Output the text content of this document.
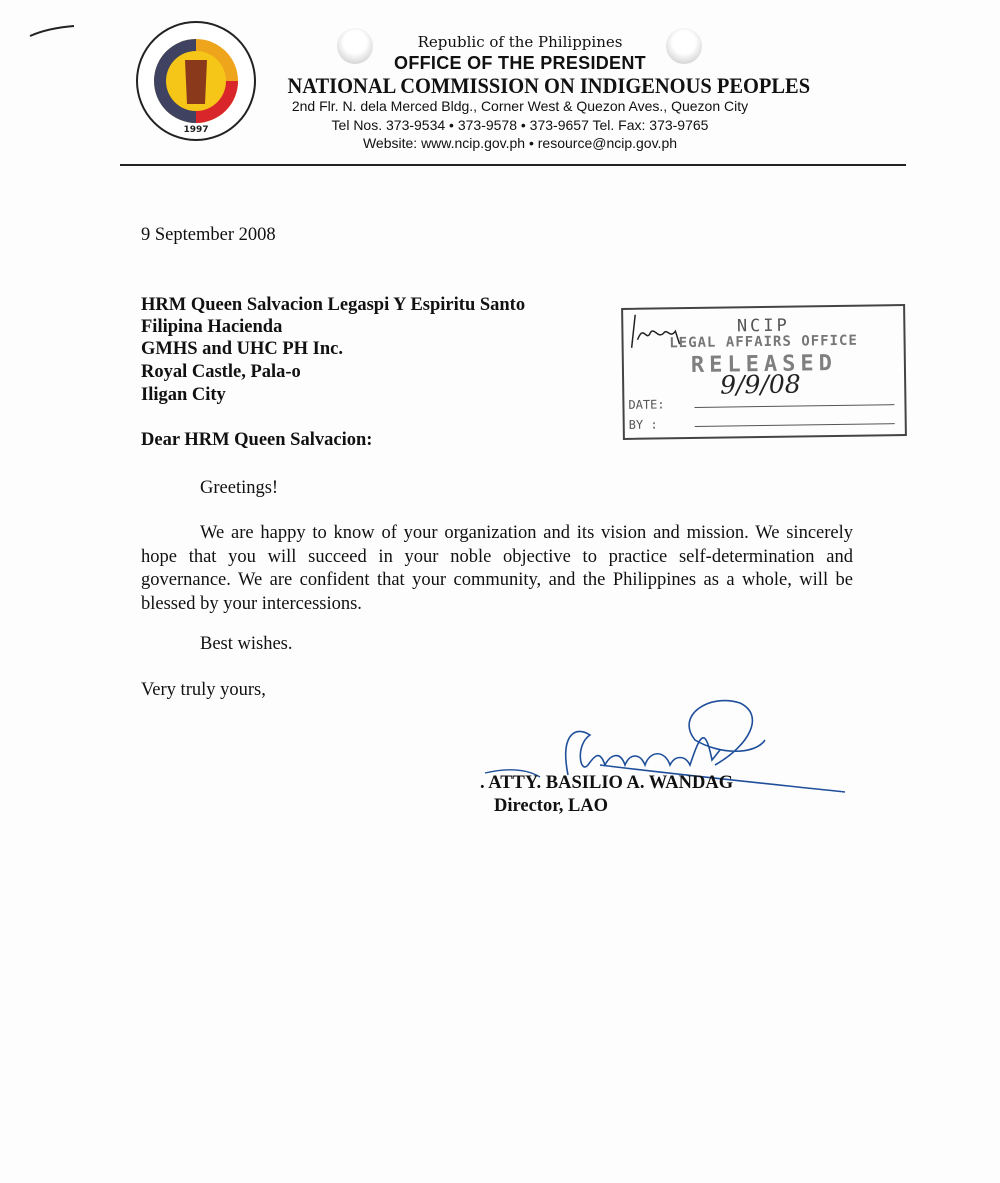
1997
Republic of the Philippines
OFFICE OF THE PRESIDENT
NATIONAL COMMISSION ON INDIGENOUS PEOPLES
2nd Flr. N. dela Merced Bldg., Corner West & Quezon Aves., Quezon City
Tel Nos. 373-9534 • 373-9578 • 373-9657 Tel. Fax: 373-9765
Website: www.ncip.gov.ph • resource@ncip.gov.ph
9 September 2008
HRM Queen Salvacion Legaspi Y Espiritu Santo
Filipina Hacienda
GMHS and UHC PH Inc.
Royal Castle, Pala-o
Iligan City
Dear HRM Queen Salvacion:
Greetings!
We are happy to know of your organization and its vision and mission. We sincerely hope that you will succeed in your noble objective to practice self-determination and governance. We are confident that your community, and the Philippines as a whole, will be blessed by your intercessions.
Best wishes.
Very truly yours,
. ATTY. BASILIO A. WANDAG
Director, LAO
NCIP
LEGAL AFFAIRS OFFICE
RELEASED
DATE:
9/9/08
BY :
